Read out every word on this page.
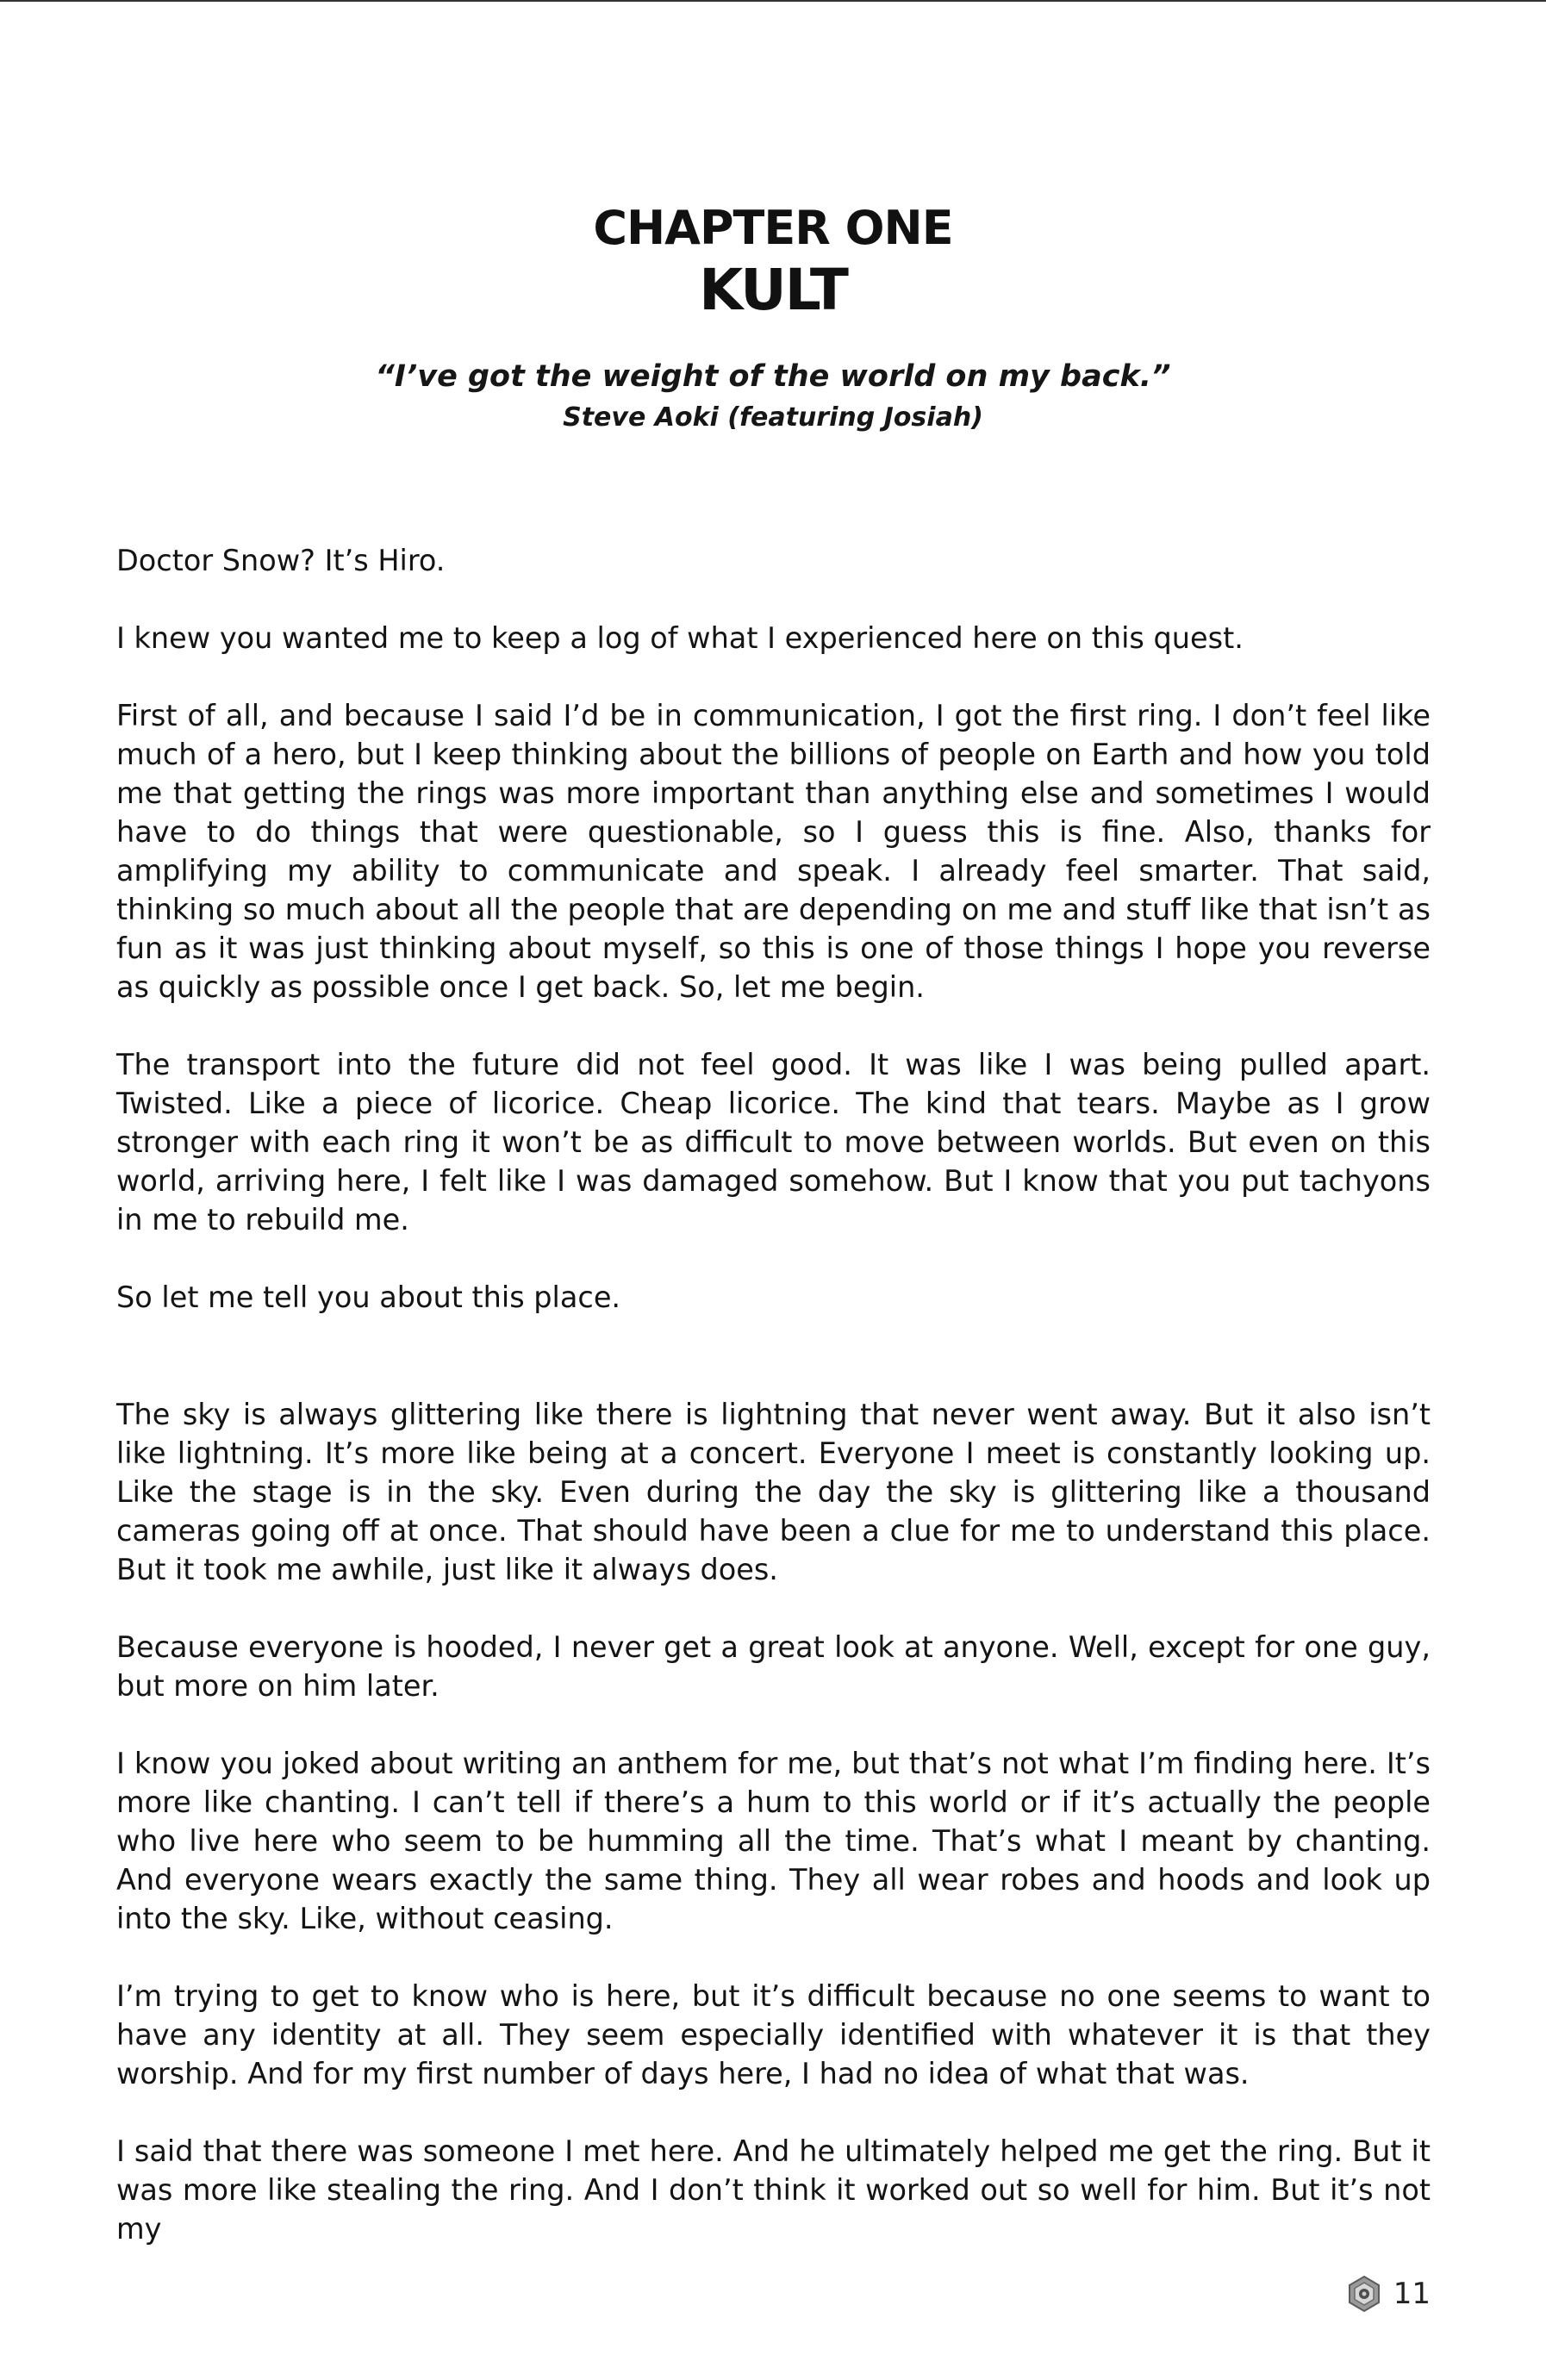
CHAPTER ONE
KULT
“I’ve got the weight of the world on my back.”
Steve Aoki (featuring Josiah)

Doctor Snow? It’s Hiro.

I knew you wanted me to keep a log of what I experienced here on this quest.

First of all, and because I said I’d be in communication, I got the first ring. I don’t feel like much of a hero, but I keep thinking about the billions of people on Earth and how you told me that getting the rings was more important than anything else and sometimes I would have to do things that were questionable, so I guess this is fine. Also, thanks for amplifying my ability to communicate and speak. I already feel smarter. That said, thinking so much about all the people that are depending on me and stuff like that isn’t as fun as it was just thinking about myself, so this is one of those things I hope you reverse as quickly as possible once I get back. So, let me begin.

The transport into the future did not feel good. It was like I was being pulled apart. Twisted. Like a piece of licorice. Cheap licorice. The kind that tears. Maybe as I grow stronger with each ring it won’t be as difficult to move between worlds. But even on this world, arriving here, I felt like I was damaged somehow. But I know that you put tachyons in me to rebuild me.

So let me tell you about this place.

The sky is always glittering like there is lightning that never went away. But it also isn’t like lightning. It’s more like being at a concert. Everyone I meet is constantly looking up. Like the stage is in the sky. Even during the day the sky is glittering like a thousand cameras going off at once. That should have been a clue for me to understand this place. But it took me awhile, just like it always does.

Because everyone is hooded, I never get a great look at anyone. Well, except for one guy, but more on him later.

I know you joked about writing an anthem for me, but that’s not what I’m finding here. It’s more like chanting. I can’t tell if there’s a hum to this world or if it’s actually the people who live here who seem to be humming all the time. That’s what I meant by chanting. And everyone wears exactly the same thing. They all wear robes and hoods and look up into the sky. Like, without ceasing.

I’m trying to get to know who is here, but it’s difficult because no one seems to want to have any identity at all. They seem especially identified with whatever it is that they worship. And for my first number of days here, I had no idea of what that was.

I said that there was someone I met here. And he ultimately helped me get the ring. But it was more like stealing the ring. And I don’t think it worked out so well for him. But it’s not my

11
